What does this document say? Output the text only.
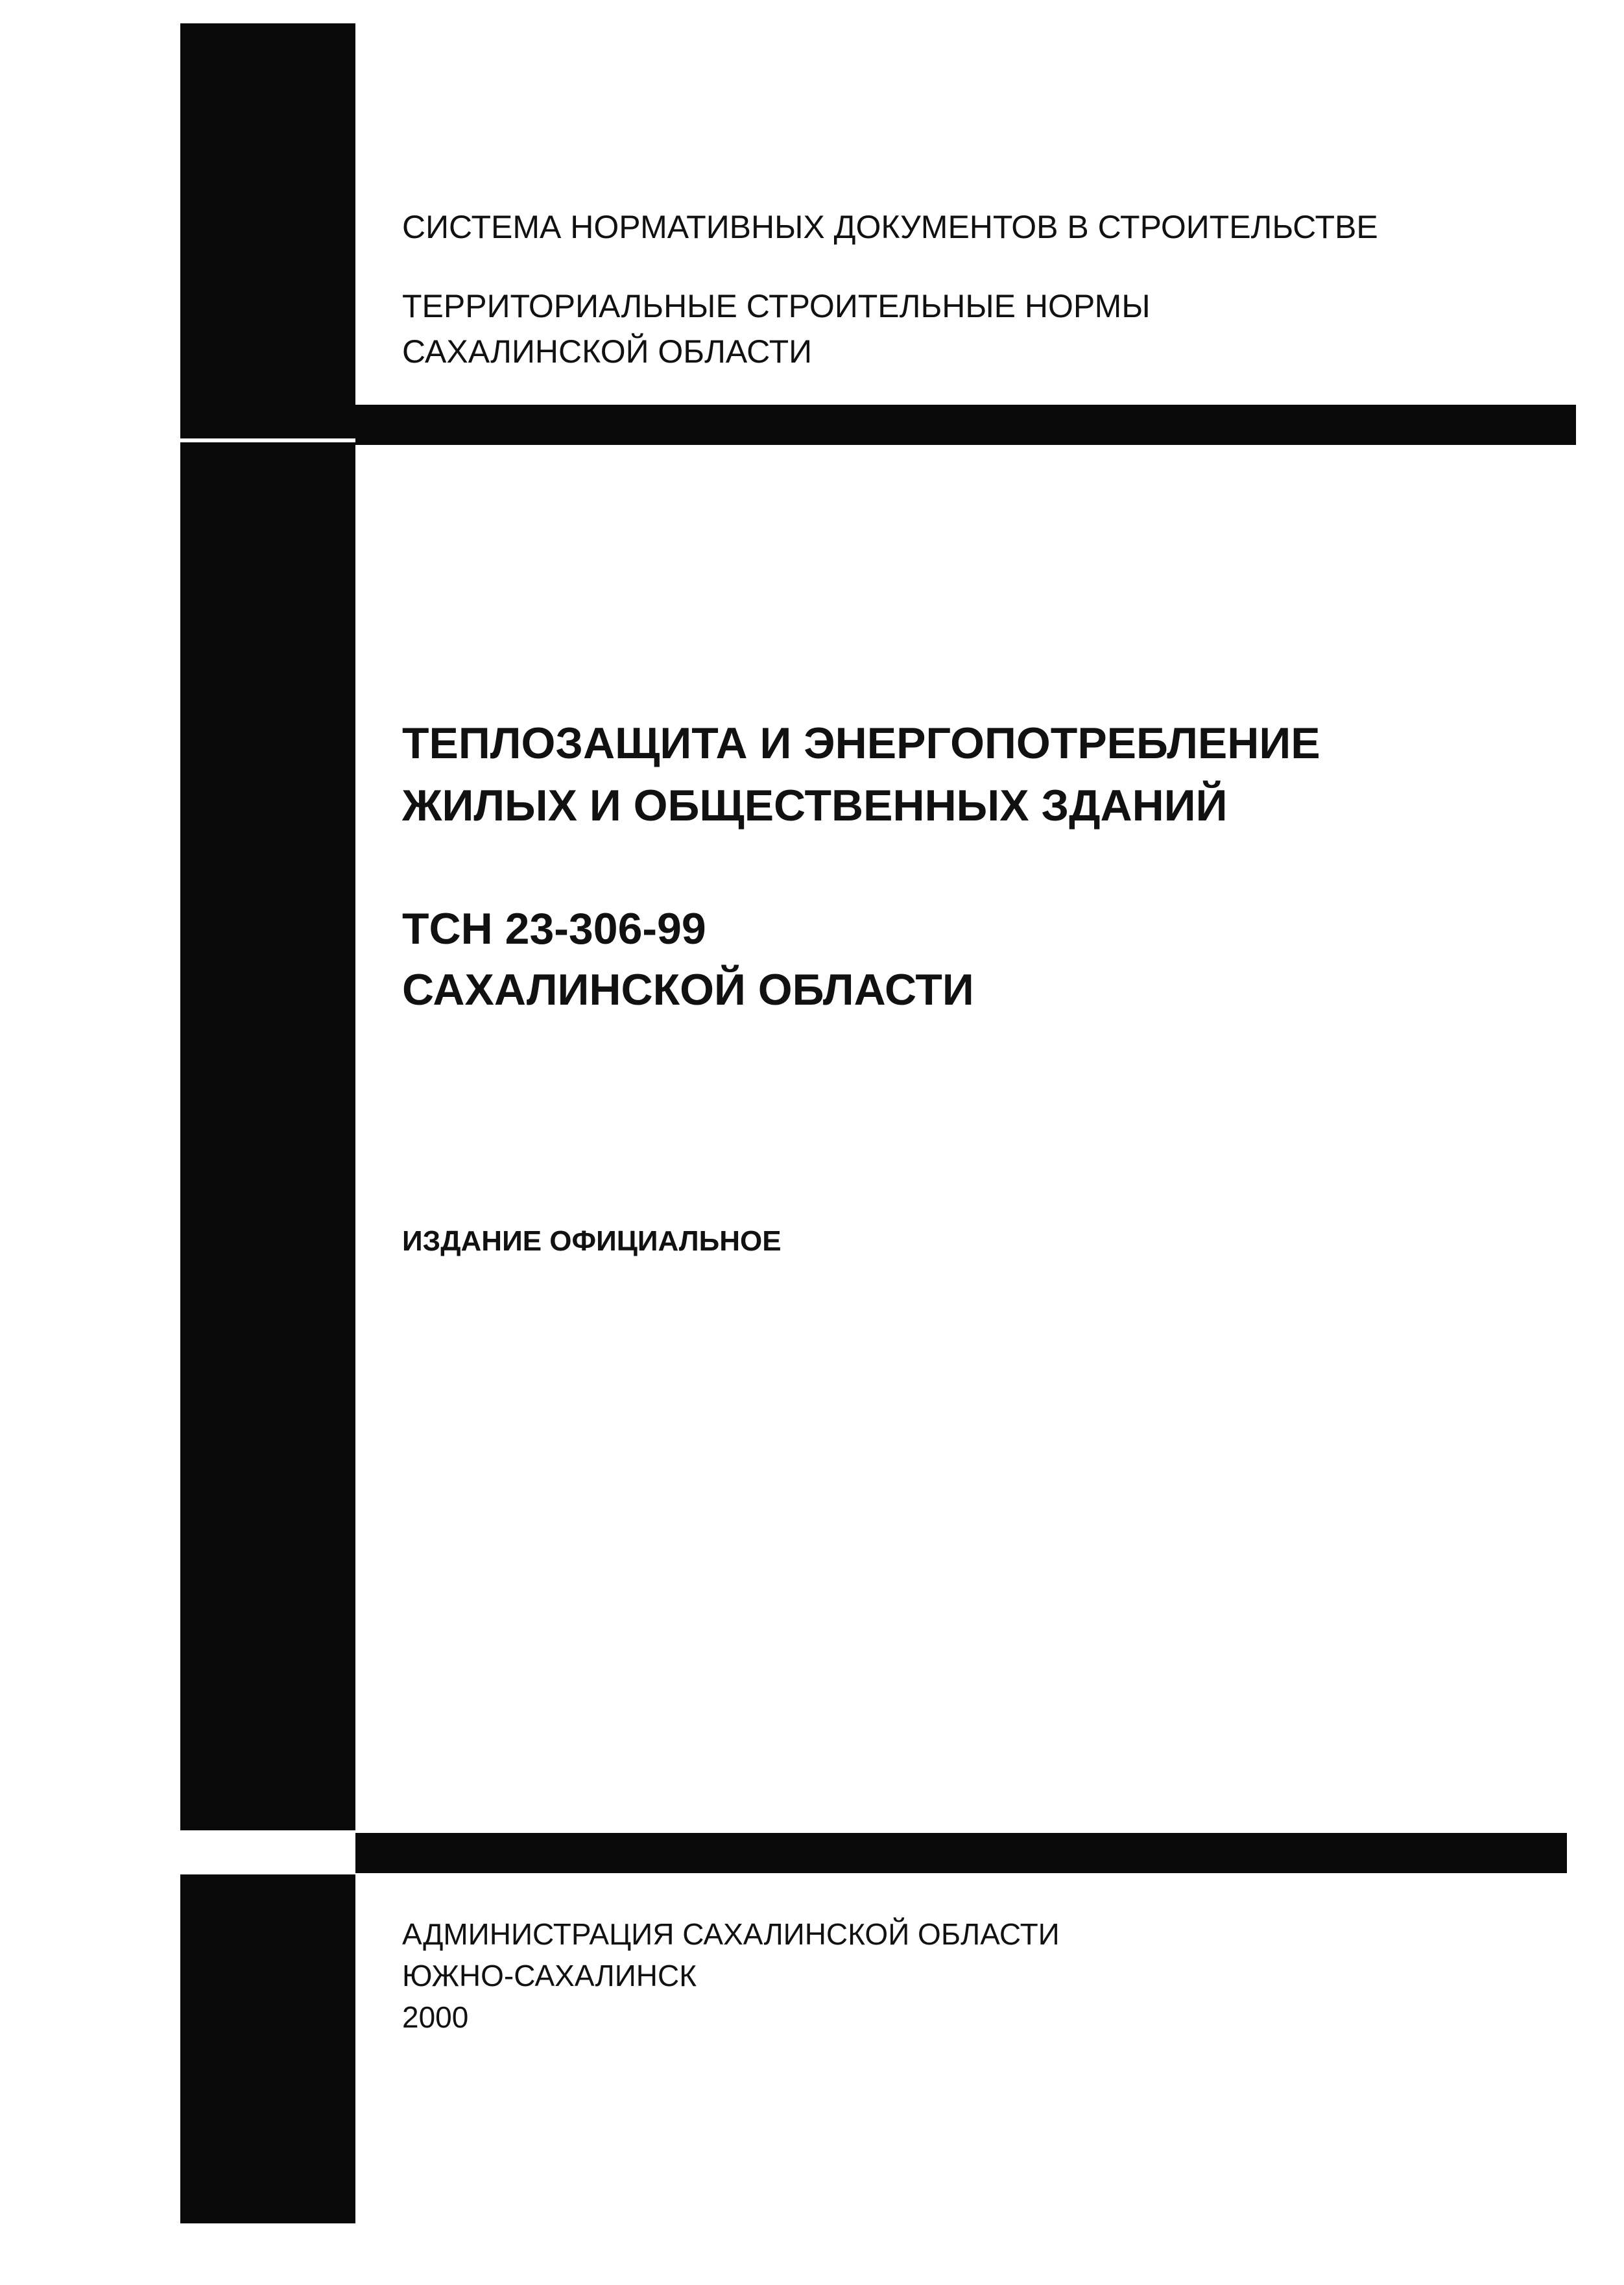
СИСТЕМА НОРМАТИВНЫХ ДОКУМЕНТОВ В СТРОИТЕЛЬСТВЕ
ТЕРРИТОРИАЛЬНЫЕ СТРОИТЕЛЬНЫЕ НОРМЫ
САХАЛИНСКОЙ ОБЛАСТИ
ТЕПЛОЗАЩИТА И ЭНЕРГОПОТРЕБЛЕНИЕ
ЖИЛЫХ И ОБЩЕСТВЕННЫХ ЗДАНИЙ
ТСН 23-306-99
САХАЛИНСКОЙ ОБЛАСТИ
ИЗДАНИЕ ОФИЦИАЛЬНОЕ
АДМИНИСТРАЦИЯ САХАЛИНСКОЙ ОБЛАСТИ
ЮЖНО-САХАЛИНСК
2000
